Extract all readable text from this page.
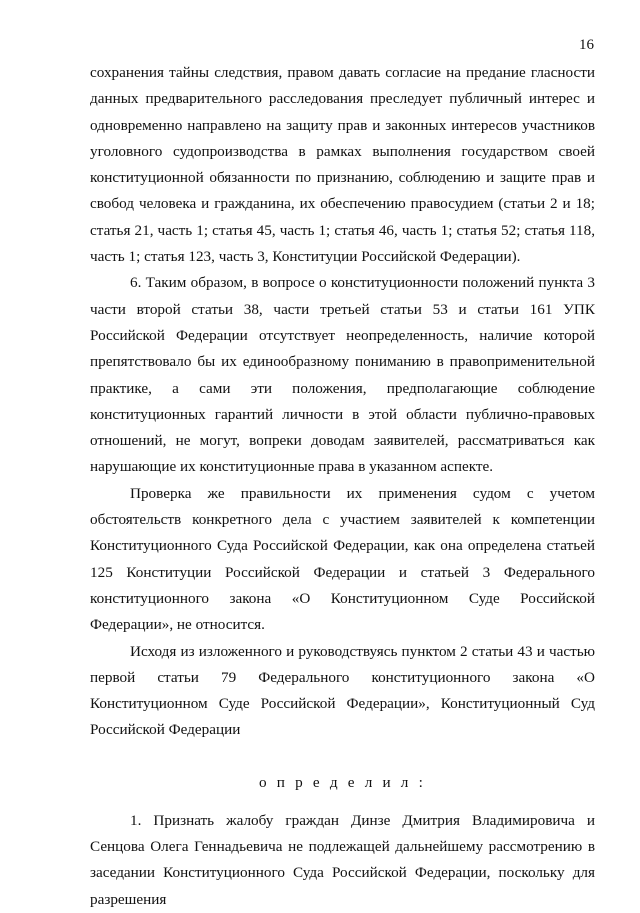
16

сохранения тайны следствия, правом давать согласие на предание гласности данных предварительного расследования преследует публичный интерес и одновременно направлено на защиту прав и законных интересов участников уголовного судопроизводства в рамках выполнения государством своей конституционной обязанности по признанию, соблюдению и защите прав и свобод человека и гражданина, их обеспечению правосудием (статьи 2 и 18; статья 21, часть 1; статья 45, часть 1; статья 46, часть 1; статья 52; статья 118, часть 1; статья 123, часть 3, Конституции Российской Федерации).

6. Таким образом, в вопросе о конституционности положений пункта 3 части второй статьи 38, части третьей статьи 53 и статьи 161 УПК Российской Федерации отсутствует неопределенность, наличие которой препятствовало бы их единообразному пониманию в правоприменительной практике, а сами эти положения, предполагающие соблюдение конституционных гарантий личности в этой области публично-правовых отношений, не могут, вопреки доводам заявителей, рассматриваться как нарушающие их конституционные права в указанном аспекте.

Проверка же правильности их применения судом с учетом обстоятельств конкретного дела с участием заявителей к компетенции Конституционного Суда Российской Федерации, как она определена статьей 125 Конституции Российской Федерации и статьей 3 Федерального конституционного закона «О Конституционном Суде Российской Федерации», не относится.

Исходя из изложенного и руководствуясь пунктом 2 статьи 43 и частью первой статьи 79 Федерального конституционного закона «О Конституционном Суде Российской Федерации», Конституционный Суд Российской Федерации

о п р е д е л и л :

1. Признать жалобу граждан Динзе Дмитрия Владимировича и Сенцова Олега Геннадьевича не подлежащей дальнейшему рассмотрению в заседании Конституционного Суда Российской Федерации, поскольку для разрешения
